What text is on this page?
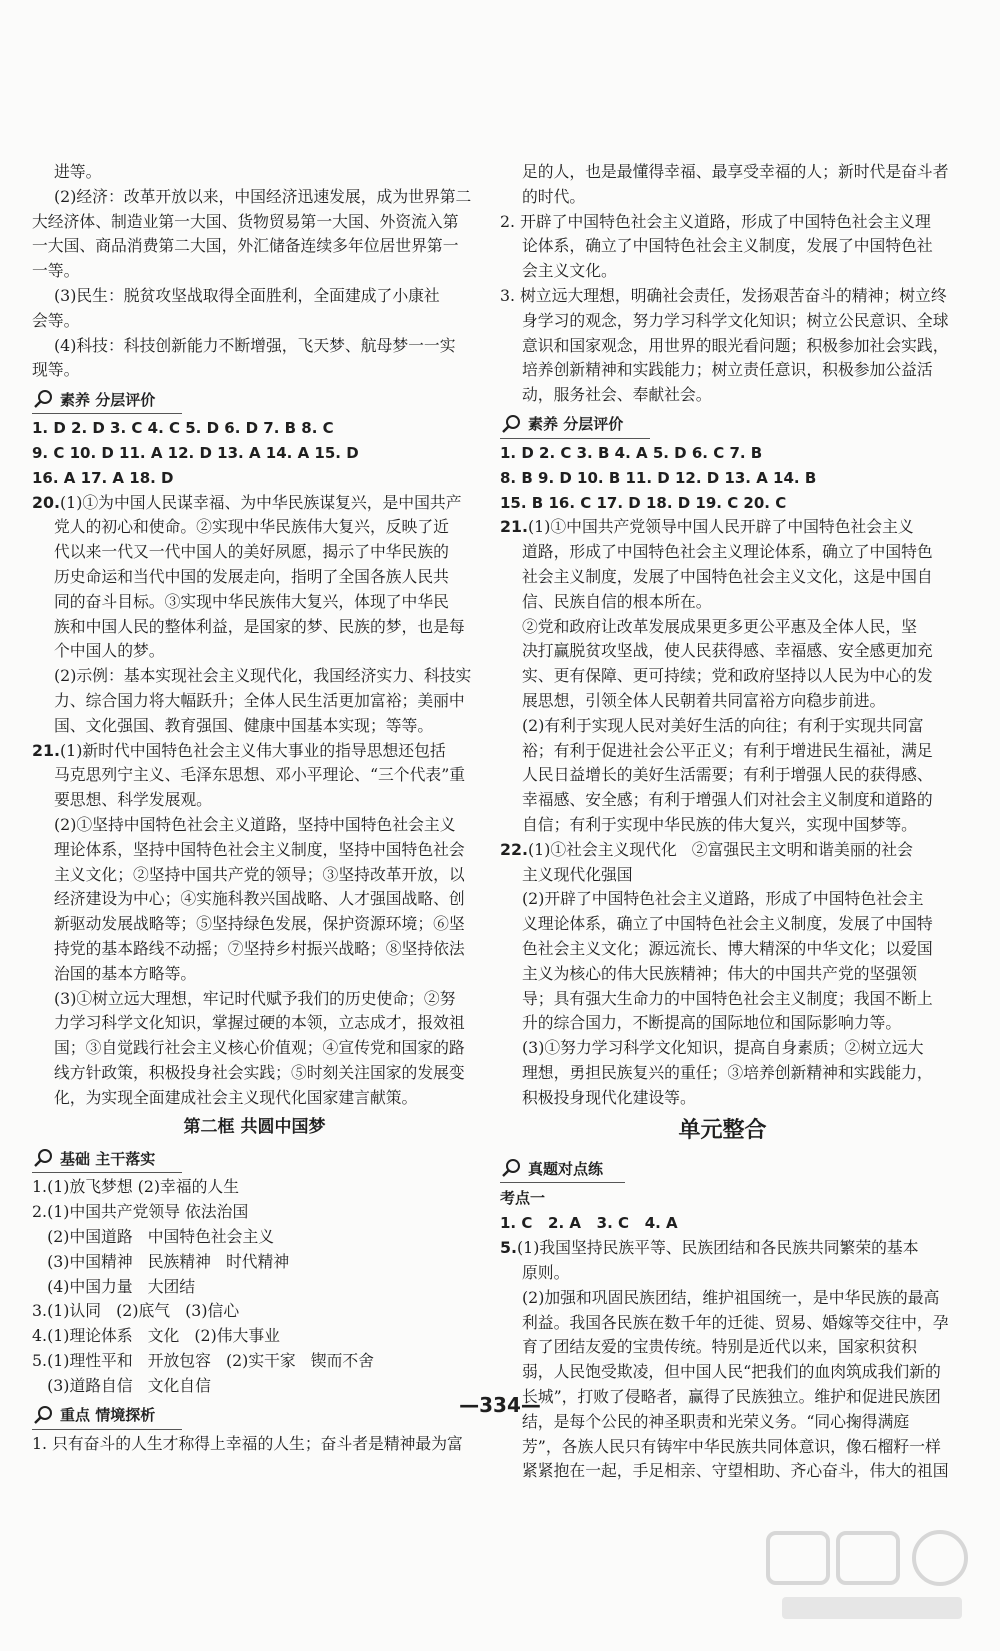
进等。
(2)经济：改革开放以来，中国经济迅速发展，成为世界第二
大经济体、制造业第一大国、货物贸易第一大国、外资流入第
一大国、商品消费第二大国，外汇储备连续多年位居世界第一
一等。
(3)民生：脱贫攻坚战取得全面胜利，全面建成了小康社
会等。
(4)科技：科技创新能力不断增强，飞天梦、航母梦一一实
现等。
素养 分层评价
1. D 2. D 3. C 4. C 5. D 6. D 7. B 8. C
9. C 10. D 11. A 12. D 13. A 14. A 15. D
16. A 17. A 18. D
20.(1)①为中国人民谋幸福、为中华民族谋复兴，是中国共产
党人的初心和使命。②实现中华民族伟大复兴，反映了近
代以来一代又一代中国人的美好夙愿，揭示了中华民族的
历史命运和当代中国的发展走向，指明了全国各族人民共
同的奋斗目标。③实现中华民族伟大复兴，体现了中华民
族和中国人民的整体利益，是国家的梦、民族的梦，也是每
个中国人的梦。
(2)示例：基本实现社会主义现代化，我国经济实力、科技实
力、综合国力将大幅跃升；全体人民生活更加富裕；美丽中
国、文化强国、教育强国、健康中国基本实现；等等。
21.(1)新时代中国特色社会主义伟大事业的指导思想还包括
马克思列宁主义、毛泽东思想、邓小平理论、“三个代表”重
要思想、科学发展观。
(2)①坚持中国特色社会主义道路，坚持中国特色社会主义
理论体系，坚持中国特色社会主义制度，坚持中国特色社会
主义文化；②坚持中国共产党的领导；③坚持改革开放，以
经济建设为中心；④实施科教兴国战略、人才强国战略、创
新驱动发展战略等；⑤坚持绿色发展，保护资源环境；⑥坚
持党的基本路线不动摇；⑦坚持乡村振兴战略；⑧坚持依法
治国的基本方略等。
(3)①树立远大理想，牢记时代赋予我们的历史使命；②努
力学习科学文化知识，掌握过硬的本领，立志成才，报效祖
国；③自觉践行社会主义核心价值观；④宣传党和国家的路
线方针政策，积极投身社会实践；⑤时刻关注国家的发展变
化，为实现全面建成社会主义现代化国家建言献策。
第二框 共圆中国梦
基础 主干落实
1.(1)放飞梦想 (2)幸福的人生
2.(1)中国共产党领导 依法治国
(2)中国道路   中国特色社会主义
(3)中国精神   民族精神   时代精神
(4)中国力量   大团结
3.(1)认同   (2)底气   (3)信心
4.(1)理论体系   文化   (2)伟大事业
5.(1)理性平和   开放包容   (2)实干家   锲而不舍
(3)道路自信   文化自信
重点 情境探析
1. 只有奋斗的人生才称得上幸福的人生；奋斗者是精神最为富
足的人，也是最懂得幸福、最享受幸福的人；新时代是奋斗者
的时代。
2. 开辟了中国特色社会主义道路，形成了中国特色社会主义理
论体系，确立了中国特色社会主义制度，发展了中国特色社
会主义文化。
3. 树立远大理想，明确社会责任，发扬艰苦奋斗的精神；树立终
身学习的观念，努力学习科学文化知识；树立公民意识、全球
意识和国家观念，用世界的眼光看问题；积极参加社会实践，
培养创新精神和实践能力；树立责任意识，积极参加公益活
动，服务社会、奉献社会。
素养 分层评价
1. D 2. C 3. B 4. A 5. D 6. C 7. B
8. B 9. D 10. B 11. D 12. D 13. A 14. B
15. B 16. C 17. D 18. D 19. C 20. C
21.(1)①中国共产党领导中国人民开辟了中国特色社会主义
道路，形成了中国特色社会主义理论体系，确立了中国特色
社会主义制度，发展了中国特色社会主义文化，这是中国自
信、民族自信的根本所在。
②党和政府让改革发展成果更多更公平惠及全体人民，坚
决打赢脱贫攻坚战，使人民获得感、幸福感、安全感更加充
实、更有保障、更可持续；党和政府坚持以人民为中心的发
展思想，引领全体人民朝着共同富裕方向稳步前进。
(2)有利于实现人民对美好生活的向往；有利于实现共同富
裕；有利于促进社会公平正义；有利于增进民生福祉，满足
人民日益增长的美好生活需要；有利于增强人民的获得感、
幸福感、安全感；有利于增强人们对社会主义制度和道路的
自信；有利于实现中华民族的伟大复兴，实现中国梦等。
22.(1)①社会主义现代化   ②富强民主文明和谐美丽的社会
主义现代化强国
(2)开辟了中国特色社会主义道路，形成了中国特色社会主
义理论体系，确立了中国特色社会主义制度，发展了中国特
色社会主义文化；源远流长、博大精深的中华文化；以爱国
主义为核心的伟大民族精神；伟大的中国共产党的坚强领
导；具有强大生命力的中国特色社会主义制度；我国不断上
升的综合国力，不断提高的国际地位和国际影响力等。
(3)①努力学习科学文化知识，提高自身素质；②树立远大
理想，勇担民族复兴的重任；③培养创新精神和实践能力，
积极投身现代化建设等。
单元整合
真题对点练
考点一
1. C   2. A   3. C   4. A
5.(1)我国坚持民族平等、民族团结和各民族共同繁荣的基本
原则。
(2)加强和巩固民族团结，维护祖国统一，是中华民族的最高
利益。我国各民族在数千年的迁徙、贸易、婚嫁等交往中，孕
育了团结友爱的宝贵传统。特别是近代以来，国家积贫积
弱，人民饱受欺凌，但中国人民“把我们的血肉筑成我们新的
长城”，打败了侵略者，赢得了民族独立。维护和促进民族团
结，是每个公民的神圣职责和光荣义务。“同心掬得满庭
芳”，各族人民只有铸牢中华民族共同体意识，像石榴籽一样
紧紧抱在一起，手足相亲、守望相助、齐心奋斗，伟大的祖国
—334—
